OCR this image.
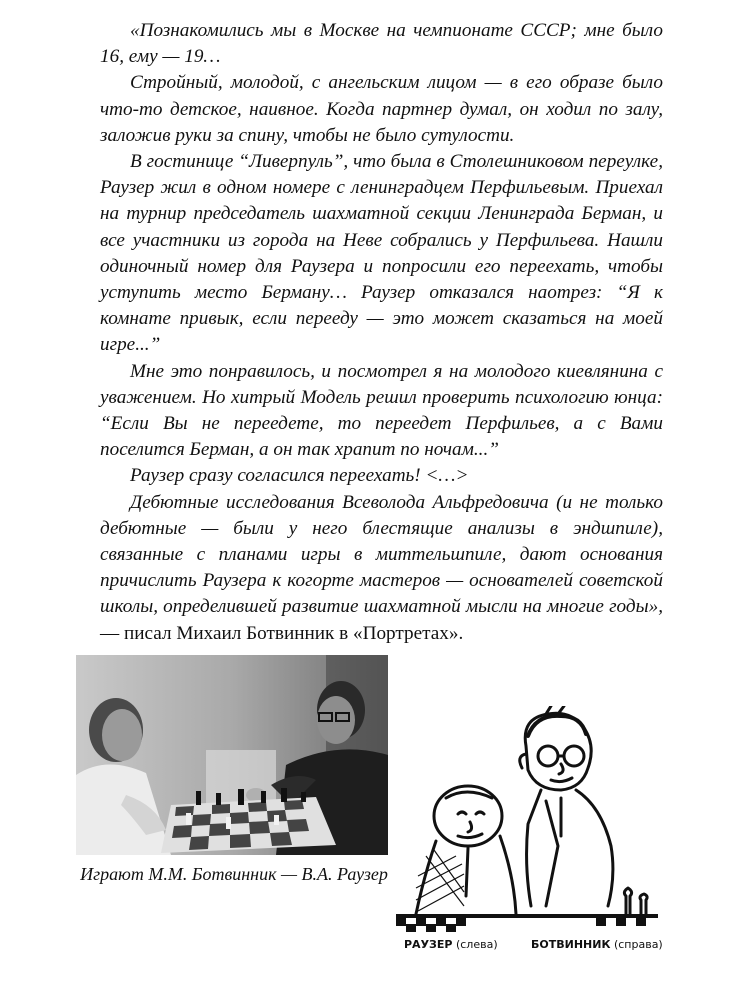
«Познакомились мы в Москве на чемпионате СССР; мне было 16, ему — 19…

Стройный, молодой, с ангельским лицом — в его образе было что-то детское, наивное. Когда партнер думал, он ходил по залу, заложив руки за спину, чтобы не было сутулости.

В гостинице “Ливерпуль”, что была в Столешниковом переулке, Раузер жил в одном номере с ленинградцем Перфильевым. Приехал на турнир председатель шахматной секции Ленинграда Берман, и все участники из города на Неве собрались у Перфильева. Нашли одиночный номер для Раузера и попросили его переехать, чтобы уступить место Берману… Раузер отказался наотрез: “Я к комнате привык, если перееду — это может сказаться на моей игре...”

Мне это понравилось, и посмотрел я на молодого киевлянина с уважением. Но хитрый Модель решил проверить психологию юнца: “Если Вы не переедете, то переедет Перфильев, а с Вами поселится Берман, а он так храпит по ночам...”

Раузер сразу согласился переехать! <…>

Дебютные исследования Всеволода Альфредовича (и не только дебютные — были у него блестящие анализы в эндшпиле), связанные с планами игры в миттельшпиле, дают основания причислить Раузера к когорте мастеров — основателей советской школы, определившей развитие шахматной мысли на многие годы»,— писал Михаил Ботвинник в «Портретах».

Играют М.М. Ботвинник — В.А. Раузер
РАУЗЕР (слева)	БОТВИННИК (справа)
